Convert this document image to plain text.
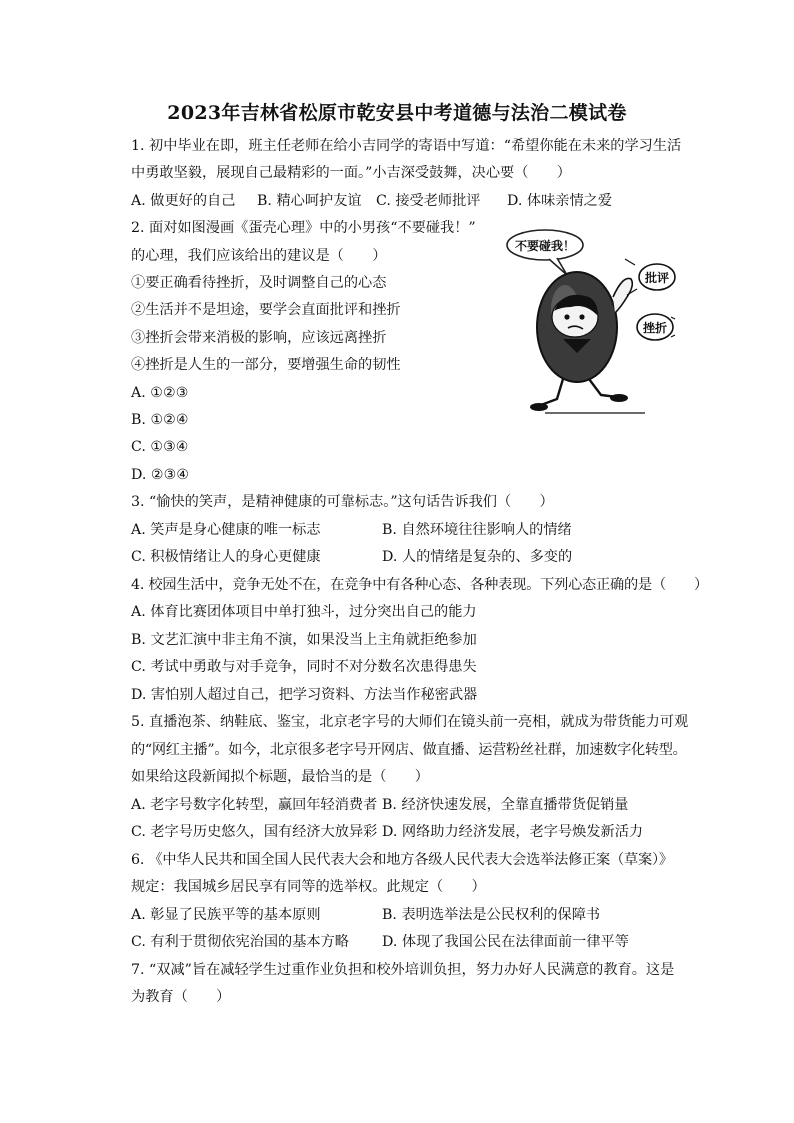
2023年吉林省松原市乾安县中考道德与法治二模试卷
1. 初中毕业在即，班主任老师在给小吉同学的寄语中写道：“希望你能在未来的学习生活
中勇敢坚毅，展现自己最精彩的一面。”小吉深受鼓舞，决心要（　　）
A. 做更好的自己 B. 精心呵护友谊 C. 接受老师批评 D. 体味亲情之爱
2. 面对如图漫画《蛋壳心理》中的小男孩“不要碰我！”
的心理，我们应该给出的建议是（　　）
①要正确看待挫折，及时调整自己的心态
②生活并不是坦途，要学会直面批评和挫折
③挫折会带来消极的影响，应该远离挫折
④挫折是人生的一部分，要增强生命的韧性
A. ①②③
B. ①②④
C. ①③④
D. ②③④
不要碰我！
批评
挫折
3. “愉快的笑声，是精神健康的可靠标志。”这句话告诉我们（　　）
A. 笑声是身心健康的唯一标志	B. 自然环境往往影响人的情绪
C. 积极情绪让人的身心更健康	D. 人的情绪是复杂的、多变的
4. 校园生活中，竞争无处不在，在竞争中有各种心态、各种表现。下列心态正确的是（　　）
A. 体育比赛团体项目中单打独斗，过分突出自己的能力
B. 文艺汇演中非主角不演，如果没当上主角就拒绝参加
C. 考试中勇敢与对手竞争，同时不对分数名次患得患失
D. 害怕别人超过自己，把学习资料、方法当作秘密武器
5. 直播泡茶、纳鞋底、鉴宝，北京老字号的大师们在镜头前一亮相，就成为带货能力可观
的“网红主播”。如今，北京很多老字号开网店、做直播、运营粉丝社群，加速数字化转型。
如果给这段新闻拟个标题，最恰当的是（　　）
A. 老字号数字化转型，赢回年轻消费者 B. 经济快速发展，全靠直播带货促销量
C. 老字号历史悠久，国有经济大放异彩 D. 网络助力经济发展，老字号焕发新活力
6. 《中华人民共和国全国人民代表大会和地方各级人民代表大会选举法修正案（草案）》
规定：我国城乡居民享有同等的选举权。此规定（　　）
A. 彰显了民族平等的基本原则	B. 表明选举法是公民权利的保障书
C. 有利于贯彻依宪治国的基本方略 D. 体现了我国公民在法律面前一律平等
7. “双减”旨在减轻学生过重作业负担和校外培训负担，努力办好人民满意的教育。这是
为教育（　　）
